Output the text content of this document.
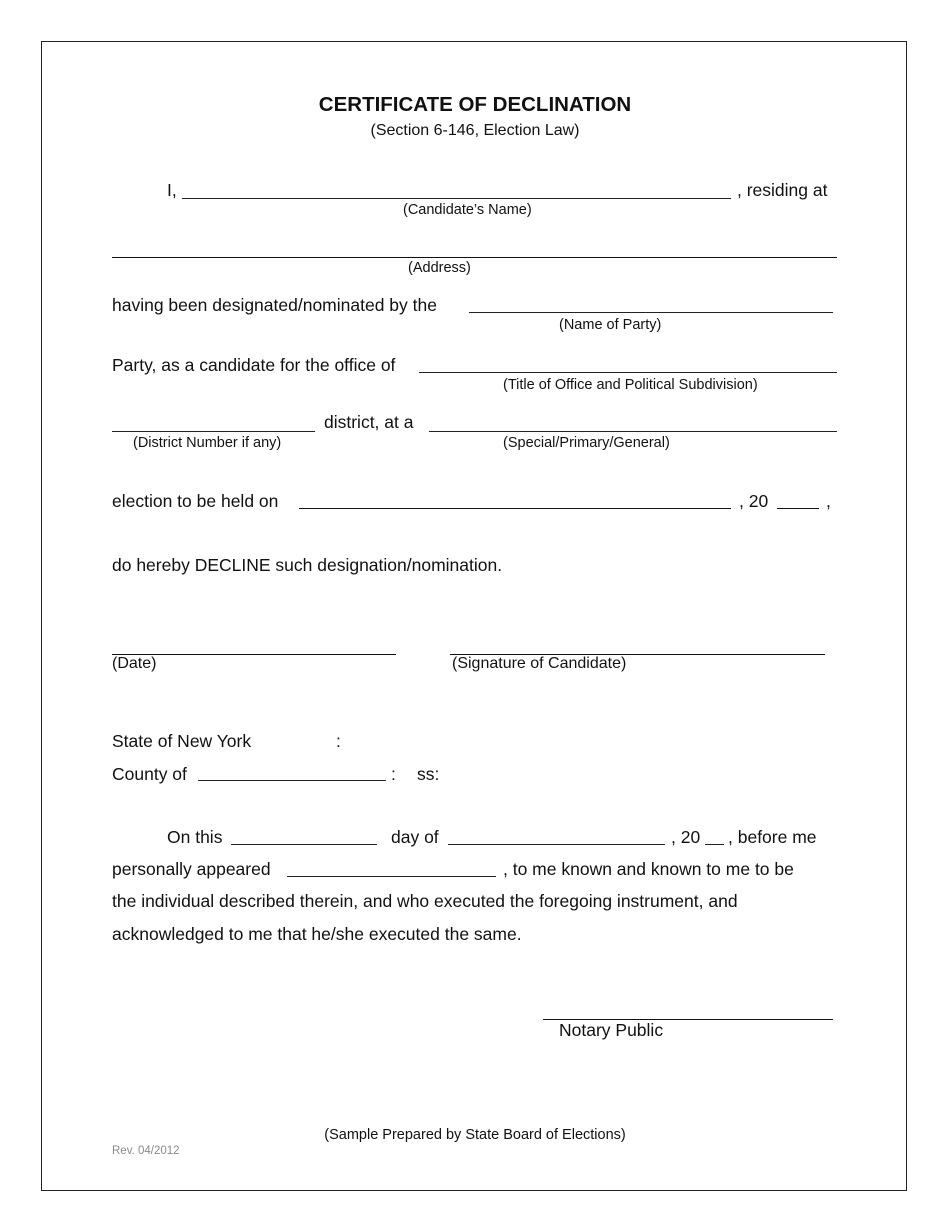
CERTIFICATE OF DECLINATION
(Section 6-146, Election Law)
I,	, residing at
(Candidate’s Name)
(Address)
having been designated/nominated by the
(Name of Party)
Party, as a candidate for the office of
(Title of Office and Political Subdivision)
district, at a
(District Number if any)	(Special/Primary/General)
election to be held on	, 20	,
do hereby DECLINE such designation/nomination.
(Date)	(Signature of Candidate)
State of New York	:
County of	: ss:
On this	day of	, 20 , before me
personally appeared	, to me known and known to me to be
the individual described therein, and who executed the foregoing instrument, and
acknowledged to me that he/she executed the same.
Notary Public
(Sample Prepared by State Board of Elections)
Rev. 04/2012
